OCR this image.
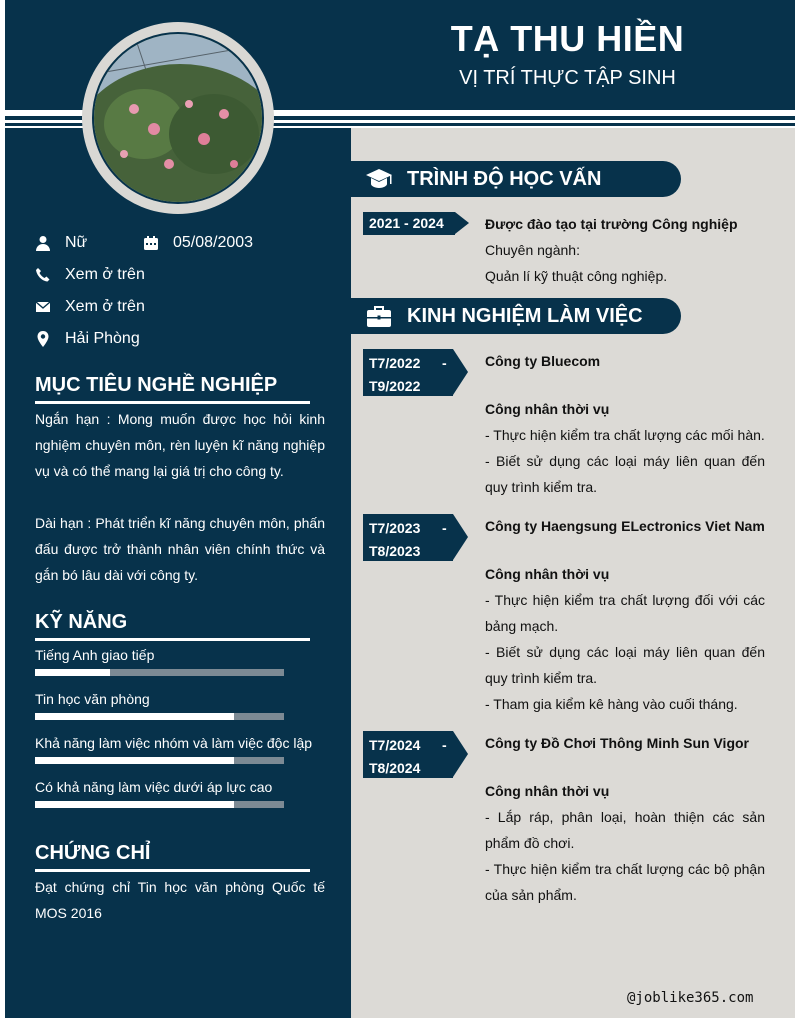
TẠ THU HIỀN
VỊ TRÍ THỰC TẬP SINH
Nữ	05/08/2003
Xem ở trên
Xem ở trên
Hải Phòng
MỤC TIÊU NGHỀ NGHIỆP
Ngắn hạn : Mong muốn được học hỏi kinh nghiệm chuyên môn, rèn luyện kĩ năng nghiệp vụ và có thể mang lại giá trị cho công ty.
Dài hạn : Phát triển kĩ năng chuyên môn, phấn đấu được trở thành nhân viên chính thức và gắn bó lâu dài với công ty.
KỸ NĂNG
Tiếng Anh giao tiếp
Tin học văn phòng
Khả năng làm việc nhóm và làm việc độc lập
Có khả năng làm việc dưới áp lực cao
CHỨNG CHỈ
Đạt chứng chỉ Tin học văn phòng Quốc tế MOS 2016
TRÌNH ĐỘ HỌC VẤN
2021 - 2024	Được đào tạo tại trường Công nghiệp
Chuyên ngành:
Quản lí kỹ thuật công nghiệp.
KINH NGHIỆM LÀM VIỆC
T7/2022 -

T9/2022
Công ty Bluecom
Công nhân thời vụ
- Thực hiện kiểm tra chất lượng các mối hàn.
- Biết sử dụng các loại máy liên quan đến quy trình kiểm tra.
T7/2023 -

T8/2023
Công ty Haengsung ELectronics Viet Nam
Công nhân thời vụ
- Thực hiện kiểm tra chất lượng đối với các bảng mạch.
- Biết sử dụng các loại máy liên quan đến quy trình kiểm tra.
- Tham gia kiểm kê hàng vào cuối tháng.
T7/2024 -

T8/2024
Công ty Đồ Chơi Thông Minh Sun Vigor
Công nhân thời vụ
- Lắp ráp, phân loại, hoàn thiện các sản phẩm đồ chơi.
- Thực hiện kiểm tra chất lượng các bộ phận của sản phẩm.
@joblike365.com
